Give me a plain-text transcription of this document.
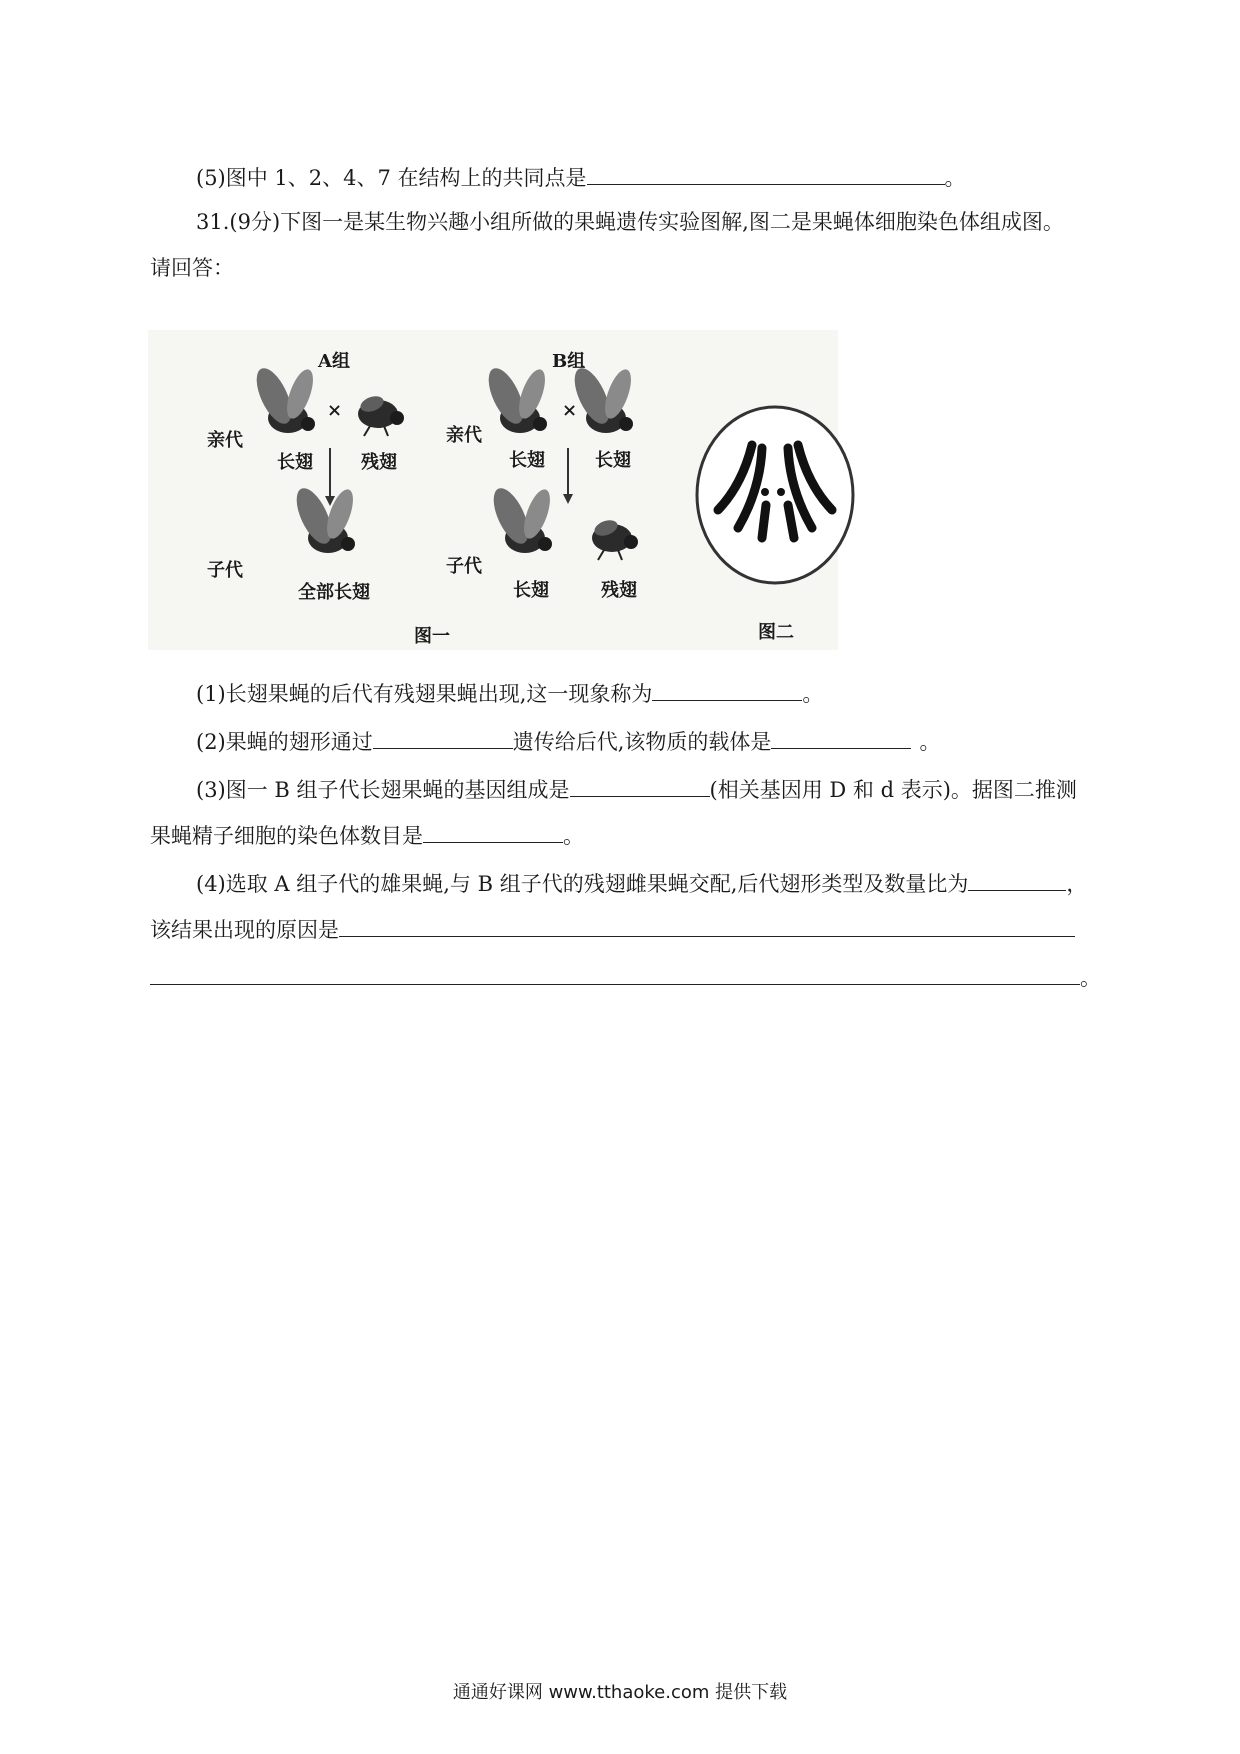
(5)图中 1、2、4、7 在结构上的共同点是	。
31.(9分)下图一是某生物兴趣小组所做的果蝇遗传实验图解,图二是果蝇体细胞染色体组成图。
请回答：
A组	B组
亲代	亲代
×	×
长翅	残翅	长翅	长翅
子代	子代
全部长翅	长翅	残翅
图一	图二
(1)长翅果蝇的后代有残翅果蝇出现,这一现象称为	。
(2)果蝇的翅形通过	遗传给后代,该物质的载体是	。
(3)图一 B 组子代长翅果蝇的基因组成是	(相关基因用 D 和 d 表示)。据图二推测
果蝇精子细胞的染色体数目是	。
(4)选取 A 组子代的雄果蝇,与 B 组子代的残翅雌果蝇交配,后代翅形类型及数量比为	，
该结果出现的原因是
。
通通好课网 www.tthaoke.com 提供下载
